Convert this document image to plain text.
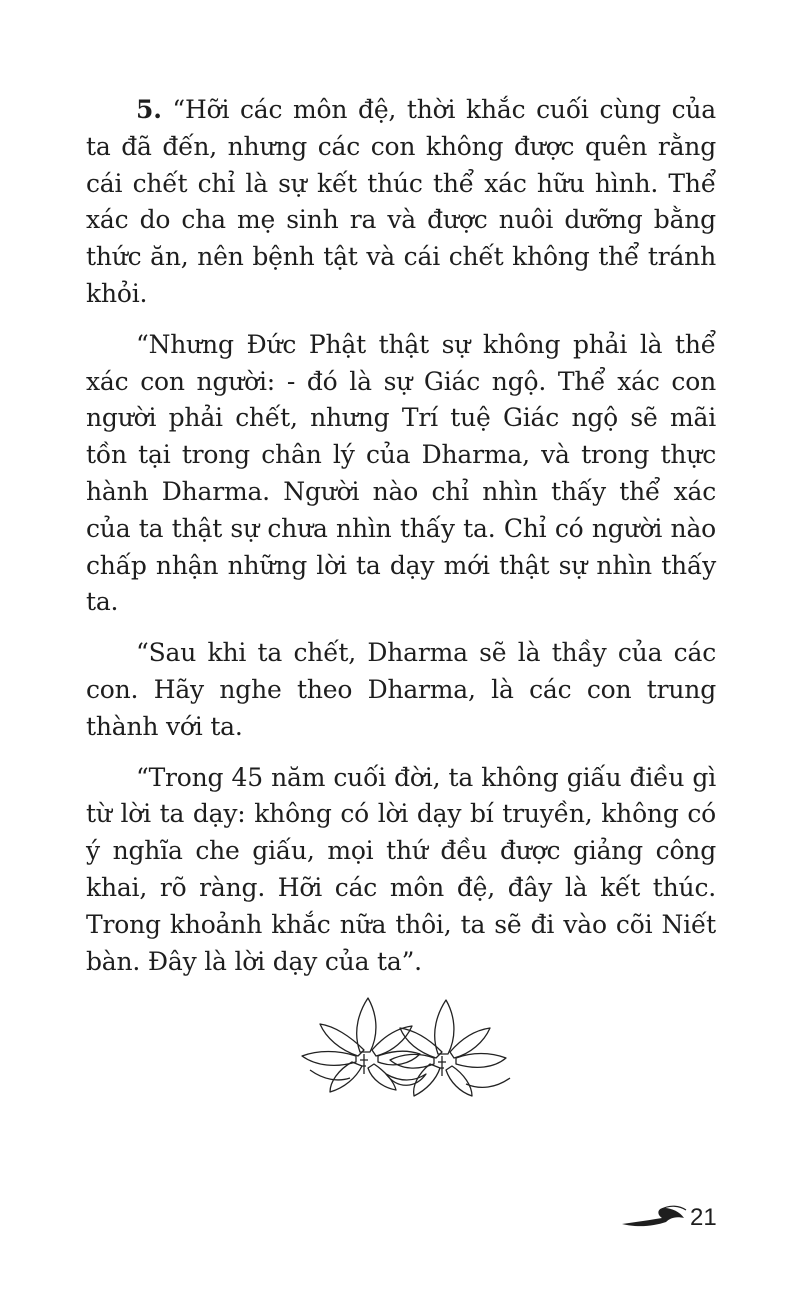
5. “Hỡi các môn đệ, thời khắc cuối cùng của ta đã đến, nhưng các con không được quên rằng cái chết chỉ là sự kết thúc thể xác hữu hình. Thể xác do cha mẹ sinh ra và được nuôi dưỡng bằng thức ăn, nên bệnh tật và cái chết không thể tránh khỏi.

“Nhưng Đức Phật thật sự không phải là thể xác con người: - đó là sự Giác ngộ. Thể xác con người phải chết, nhưng Trí tuệ Giác ngộ sẽ mãi tồn tại trong chân lý của Dharma, và trong thực hành Dharma. Người nào chỉ nhìn thấy thể xác của ta thật sự chưa nhìn thấy ta. Chỉ có người nào chấp nhận những lời ta dạy mới thật sự nhìn thấy ta.

“Sau khi ta chết, Dharma sẽ là thầy của các con. Hãy nghe theo Dharma, là các con trung thành với ta.

“Trong 45 năm cuối đời, ta không giấu điều gì từ lời ta dạy: không có lời dạy bí truyền, không có ý nghĩa che giấu, mọi thứ đều được giảng công khai, rõ ràng. Hỡi các môn đệ, đây là kết thúc. Trong khoảnh khắc nữa thôi, ta sẽ đi vào cõi Niết bàn. Đây là lời dạy của ta”.

21
